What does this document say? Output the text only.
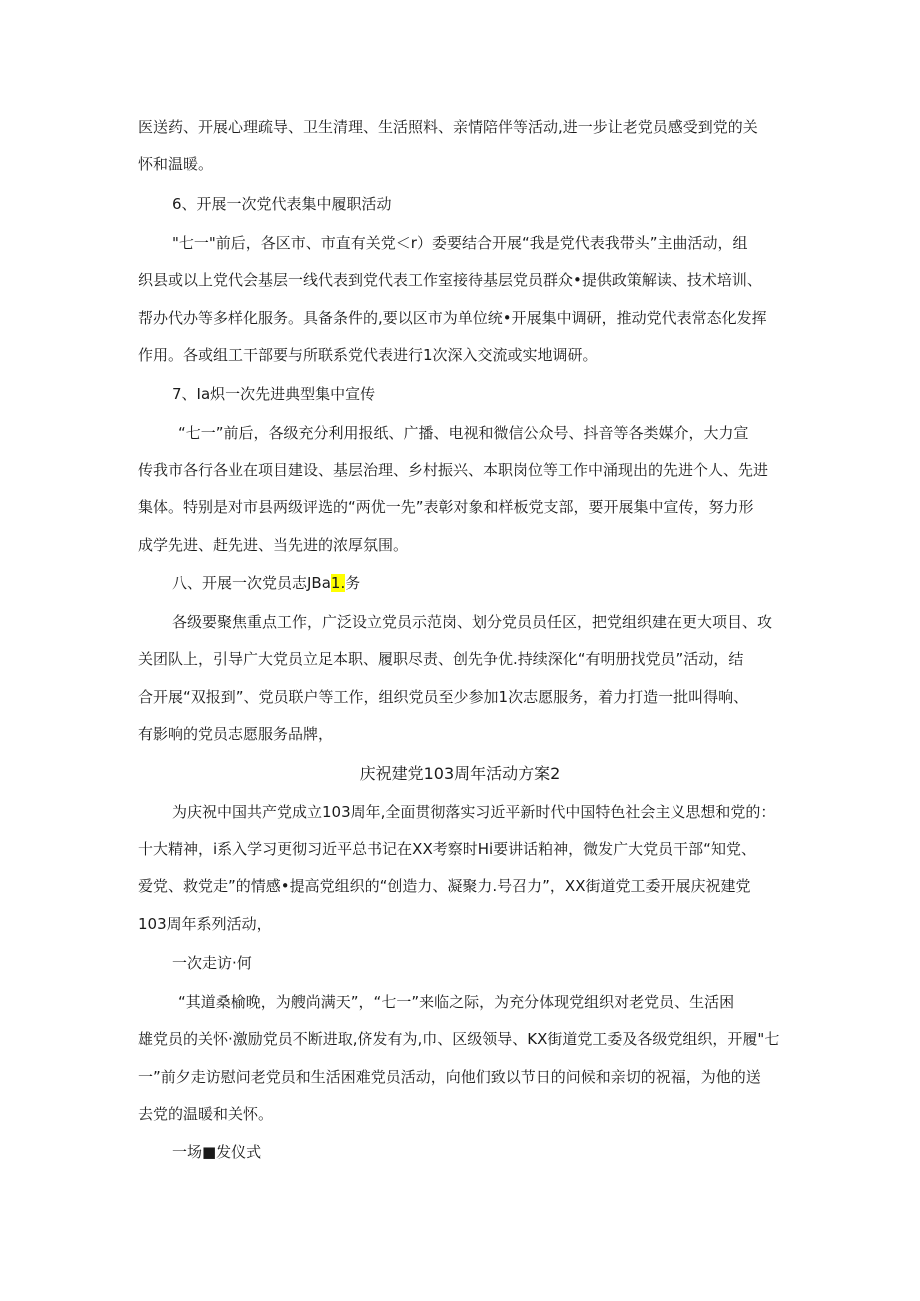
医送药、开展心理疏导、卫生清理、生活照料、亲情陪伴等活动,进一步让老党员感受到党的关
怀和温暖。
6、开展一次党代表集中履职活动
"七一"前后，各区市、市直有关党＜r）委要结合开展“我是党代表我带头”主曲活动，组
织县或以上党代会基层一线代表到党代表工作室接待基层党员群众•提供政策解读、技术培训、
帮办代办等多样化服务。具备条件的,要以区市为单位统•开展集中调研，推动党代表常态化发挥
作用。各或组工干部要与所联系党代表进行1次深入交流或实地调研。
7、Ia炽一次先进典型集中宣传
“七一”前后，各级充分利用报纸、广播、电视和微信公众号、抖音等各类媒介，大力宣
传我市各行各业在项目建设、基层治理、乡村振兴、本职岗位等工作中涌现出的先进个人、先进
集体。特别是对市县两级评选的“两优一先”表彰对象和样板党支部，要开展集中宣传，努力形
成学先进、赶先进、当先进的浓厚氛围。
八、开展一次党员志JBa1.务
各级要聚焦重点工作，广泛设立党员示范岗、划分党员员任区，把党组织建在更大项目、攻
关团队上，引导广大党员立足本职、履职尽责、创先争优.持续深化“有明册找党员”活动，结
合开展“双报到”、党员联户等工作，组织党员至少参加1次志愿服务，着力打造一批叫得响、
有影响的党员志愿服务品牌，
庆祝建党103周年活动方案2
为庆祝中国共产党成立103周年,全面贯彻落实习近平新时代中国特色社会主义思想和党的：
十大精神，i系入学习更彻习近平总书记在XX考察时Hi要讲话粕神，微发广大党员干部“知党、
爱党、救党走”的情感•提高党组织的“创造力、凝聚力.号召力”，XX街道党工委开展庆祝建党
103周年系列活动，
一次走访·何
“其道桑榆晚，为艘尚满天”，“七一”来临之际，为充分体现党组织对老党员、生活困
雄党员的关怀·激励党员不断进取,侪发有为,巾、区级领导、KX街道党工委及各级党组织，开履"七
一”前夕走访慰问老党员和生活困难党员活动，向他们致以节日的问候和亲切的祝福，为他的送
去党的温暖和关怀。
一场■发仪式
